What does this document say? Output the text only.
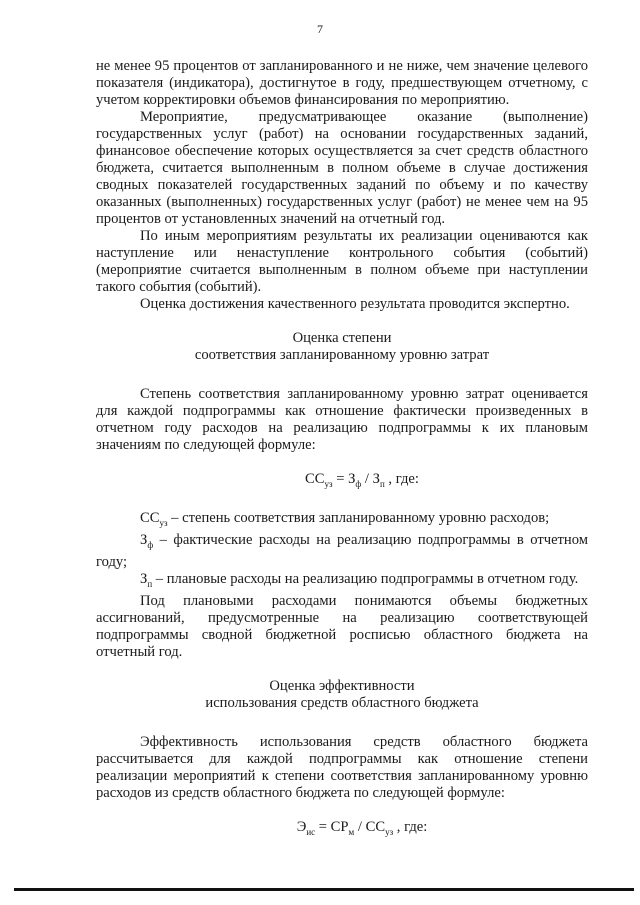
7

не менее 95 процентов от запланированного и не ниже, чем значение целевого показателя (индикатора), достигнутое в году, предшествующем отчетному, с учетом корректировки объемов финансирования по мероприятию.

Мероприятие, предусматривающее оказание (выполнение) государственных услуг (работ) на основании государственных заданий, финансовое обеспечение которых осуществляется за счет средств областного бюджета, считается выполненным в полном объеме в случае достижения сводных показателей государственных заданий по объему и по качеству оказанных (выполненных) государственных услуг (работ) не менее чем на 95 процентов от установленных значений на отчетный год.

По иным мероприятиям результаты их реализации оцениваются как наступление или ненаступление контрольного события (событий) (мероприятие считается выполненным в полном объеме при наступлении такого события (событий).

Оценка достижения качественного результата проводится экспертно.

Оценка степени

соответствия запланированному уровню затрат

Степень соответствия запланированному уровню затрат оценивается для каждой подпрограммы как отношение фактически произведенных в отчетном году расходов на реализацию подпрограммы к их плановым значениям по следующей формуле:

$СС_{уз} = З_ф / З_п$ , где:

$СС_{уз}$ – степень соответствия запланированному уровню расходов;

$З_ф$ – фактические расходы на реализацию подпрограммы в отчетном году;

$З_п$ – плановые расходы на реализацию подпрограммы в отчетном году.

Под плановыми расходами понимаются объемы бюджетных ассигнований, предусмотренные на реализацию соответствующей подпрограммы сводной бюджетной росписью областного бюджета на отчетный год.

Оценка эффективности

использования средств областного бюджета

Эффективность использования средств областного бюджета рассчитывается для каждой подпрограммы как отношение степени реализации мероприятий к степени соответствия запланированному уровню расходов из средств областного бюджета по следующей формуле:

$Э_{ис} = СР_м / СС_{уз}$ , где:
